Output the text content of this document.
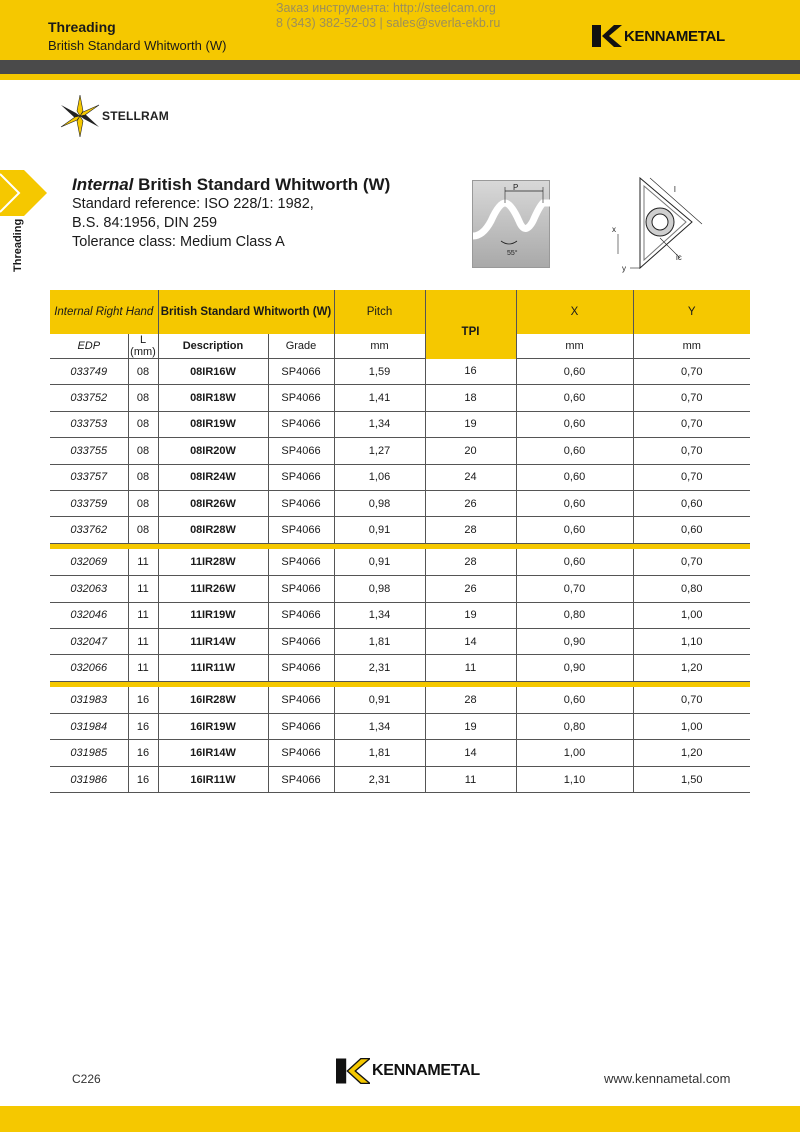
Threading
British Standard Whitworth (W)
Заказ инструмента: http://steelcam.org
8 (343) 382-52-03 | sales@sverla-ekb.ru
KENNAMETAL
STELLRAM
Threading
Internal British Standard Whitworth (W)
Standard reference: ISO 228/1: 1982,
B.S. 84:1956, DIN 259
Tolerance class: Medium Class A
P
55°
l
ic
x
y
Internal Right Hand		British Standard Whitworth (W)		Pitch	TPI	X	Y
EDP	L (mm)	Description	Grade	mm		mm	mm
033749	08	08IR16W	SP4066	1,59	16	0,60	0,70
033752	08	08IR18W	SP4066	1,41	18	0,60	0,70
033753	08	08IR19W	SP4066	1,34	19	0,60	0,70
033755	08	08IR20W	SP4066	1,27	20	0,60	0,70
033757	08	08IR24W	SP4066	1,06	24	0,60	0,70
033759	08	08IR26W	SP4066	0,98	26	0,60	0,60
033762	08	08IR28W	SP4066	0,91	28	0,60	0,60

032069	11	11IR28W	SP4066	0,91	28	0,60	0,70
032063	11	11IR26W	SP4066	0,98	26	0,70	0,80
032046	11	11IR19W	SP4066	1,34	19	0,80	1,00
032047	11	11IR14W	SP4066	1,81	14	0,90	1,10
032066	11	11IR11W	SP4066	2,31	11	0,90	1,20

031983	16	16IR28W	SP4066	0,91	28	0,60	0,70
031984	16	16IR19W	SP4066	1,34	19	0,80	1,00
031985	16	16IR14W	SP4066	1,81	14	1,00	1,20
031986	16	16IR11W	SP4066	2,31	11	1,10	1,50
C226	KENNAMETAL	www.kennametal.com
